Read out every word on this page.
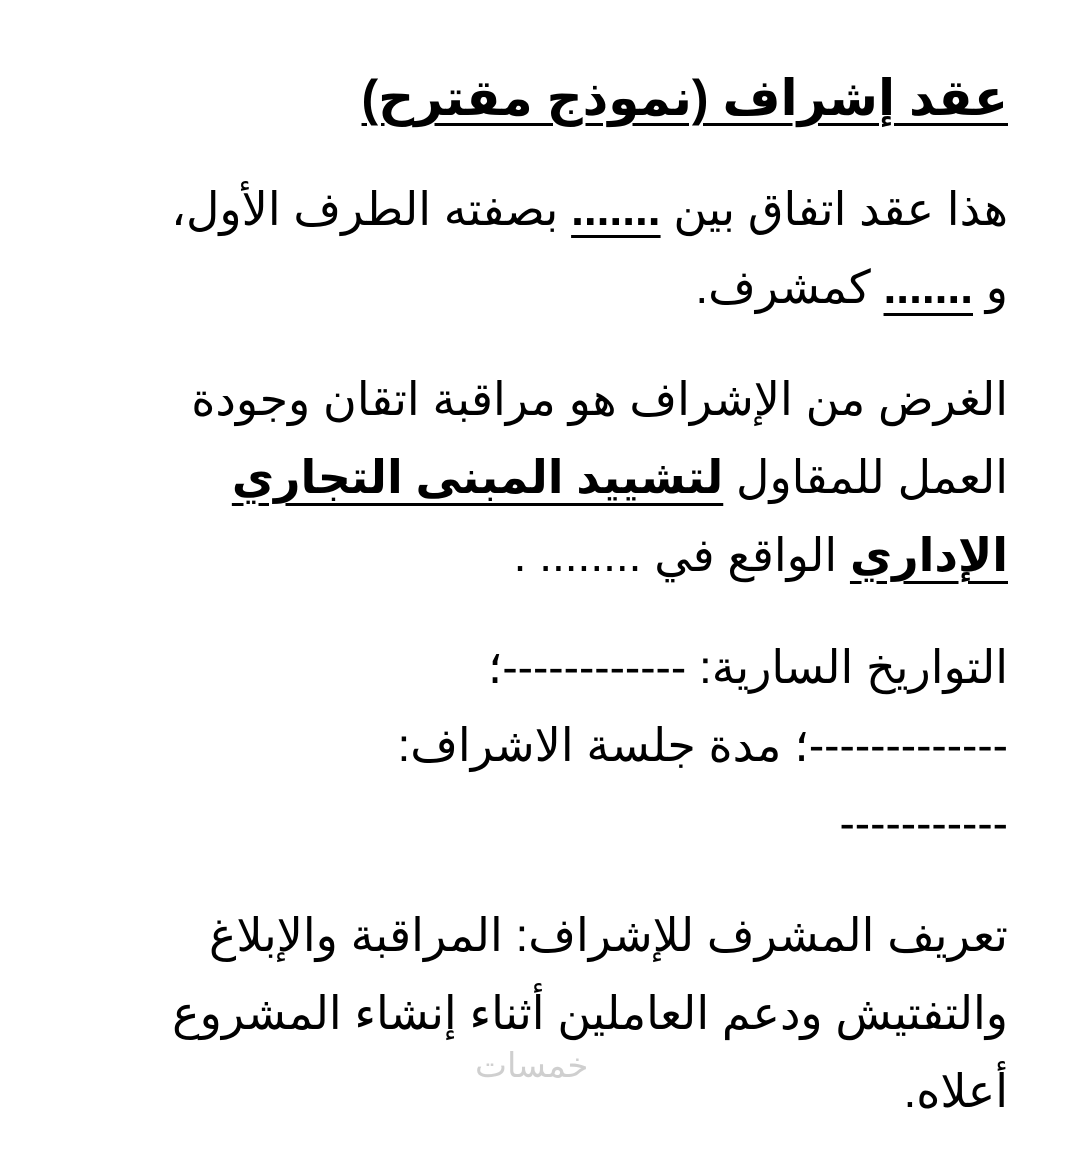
عقد إشراف (نموذج مقترح)
هذا عقد اتفاق بين ....... بصفته الطرف الأول،
و ....... كمشرف.
الغرض من الإشراف هو مراقبة اتقان وجودة العمل للمقاول لتشييد المبنى التجاري الإداري الواقع في ........ .
التواريخ السارية: ------------؛
-------------؛ مدة جلسة الاشراف:
-----------
تعريف المشرف للإشراف: المراقبة والإبلاغ والتفتيش ودعم العاملين أثناء إنشاء المشروع أعلاه.
خمسات
